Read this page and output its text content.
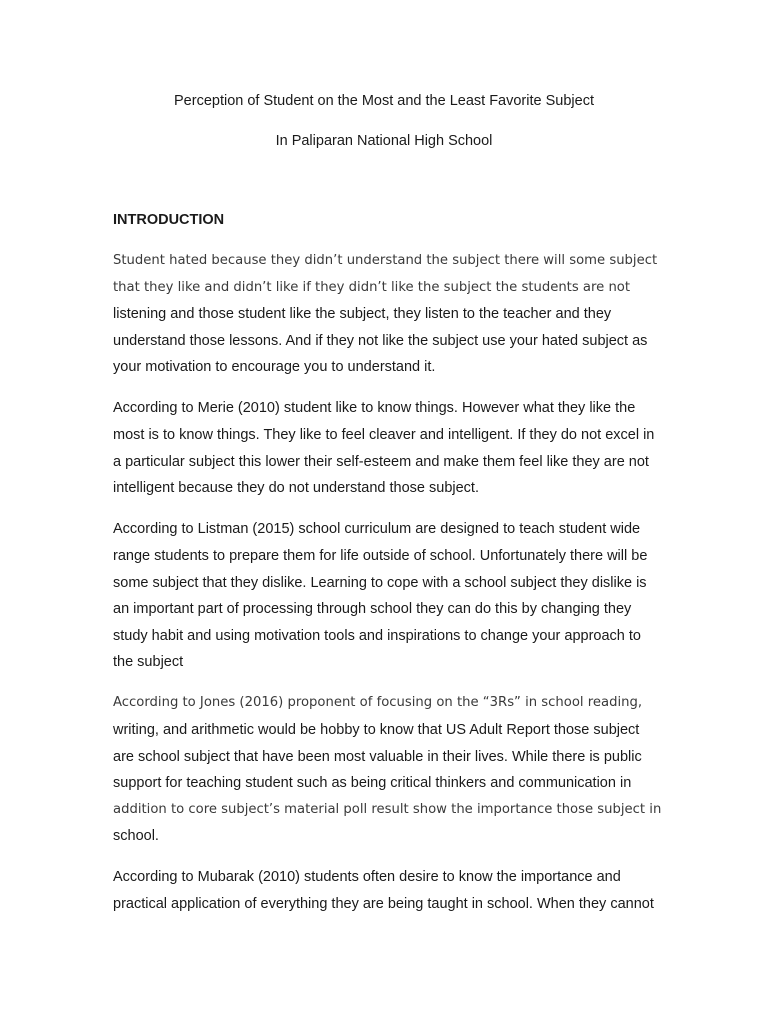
Perception of Student on the Most and the Least Favorite Subject
In Paliparan National High School
INTRODUCTION
Student hated because they didn’t understand the subject there will some subject
that they like and didn’t like if they didn’t like the subject the students are not
listening and those student like the subject, they listen to the teacher and they
understand those lessons. And if they not like the subject use your hated subject as
your motivation to encourage you to understand it.
According to Merie (2010) student like to know things. However what they like the
most is to know things. They like to feel cleaver and intelligent. If they do not excel in
a particular subject this lower their self-esteem and make them feel like they are not
intelligent because they do not understand those subject.
According to Listman (2015) school curriculum are designed to teach student wide
range students to prepare them for life outside of school. Unfortunately there will be
some subject that they dislike. Learning to cope with a school subject they dislike is
an important part of processing through school they can do this by changing they
study habit and using motivation tools and inspirations to change your approach to
the subject
According to Jones (2016) proponent of focusing on the “3Rs” in school reading,
writing, and arithmetic would be hobby to know that US Adult Report those subject
are school subject that have been most valuable in their lives. While there is public
support for teaching student such as being critical thinkers and communication in
addition to core subject’s material poll result show the importance those subject in
school.
According to Mubarak (2010) students often desire to know the importance and
practical application of everything they are being taught in school. When they cannot
